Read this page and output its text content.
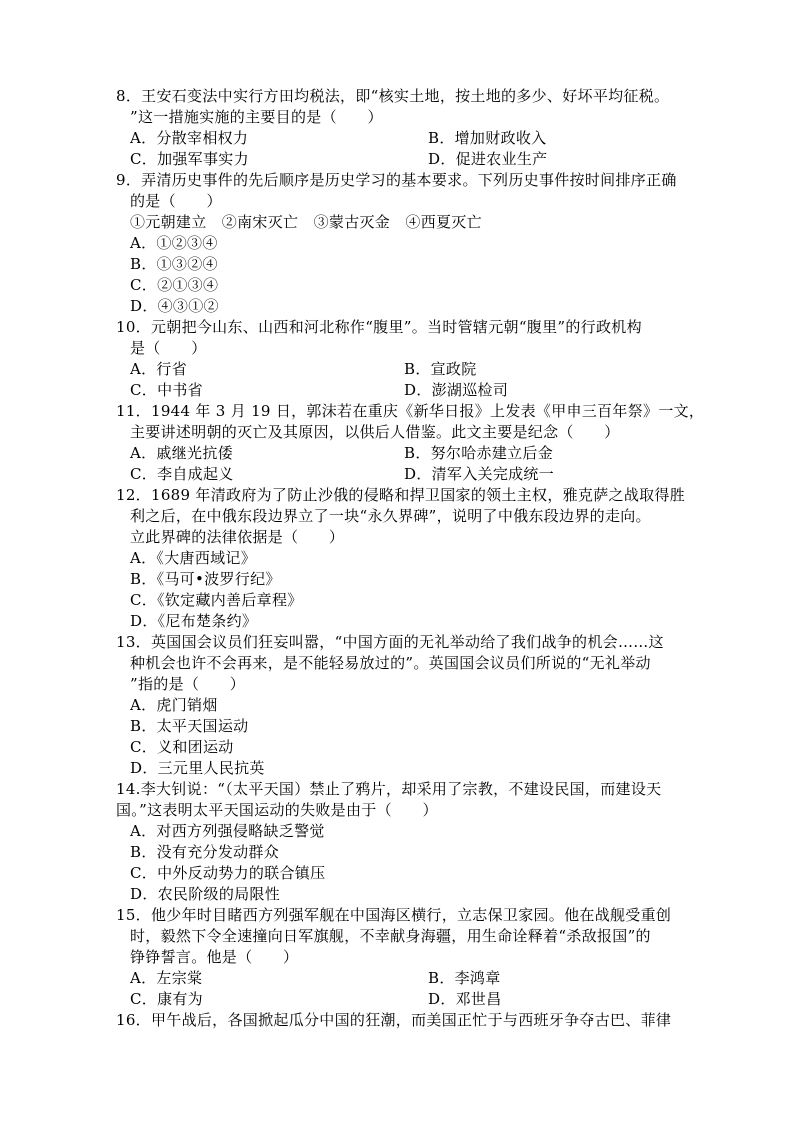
8．王安石变法中实行方田均税法，即“核实土地，按土地的多少、好坏平均征税。
”这一措施实施的主要目的是（　　）
A．分散宰相权力	B．增加财政收入
C．加强军事实力	D．促进农业生产
9．弄清历史事件的先后顺序是历史学习的基本要求。下列历史事件按时间排序正确
的是（　　）
①元朝建立　②南宋灭亡　③蒙古灭金　④西夏灭亡
A．①②③④
B．①③②④
C．②①③④
D．④③①②
10．元朝把今山东、山西和河北称作“腹里”。当时管辖元朝“腹里”的行政机构
是（　　）
A．行省	B．宣政院
C．中书省	D．澎湖巡检司
11．1944 年 3 月 19 日，郭沫若在重庆《新华日报》上发表《甲申三百年祭》一文，
主要讲述明朝的灭亡及其原因，以供后人借鉴。此文主要是纪念（　　）
A．戚继光抗倭	B．努尔哈赤建立后金
C．李自成起义	D．清军入关完成统一
12．1689 年清政府为了防止沙俄的侵略和捍卫国家的领土主权，雅克萨之战取得胜
利之后，在中俄东段边界立了一块“永久界碑”，说明了中俄东段边界的走向。
立此界碑的法律依据是（　　）
A．《大唐西域记》
B．《马可•波罗行纪》
C．《钦定藏内善后章程》
D．《尼布楚条约》
13．英国国会议员们狂妄叫嚣，“中国方面的无礼举动给了我们战争的机会……这
种机会也许不会再来，是不能轻易放过的”。英国国会议员们所说的“无礼举动
”指的是（　　）
A．虎门销烟
B．太平天国运动
C．义和团运动
D．三元里人民抗英
14.李大钊说：“（太平天国）禁止了鸦片，却采用了宗教，不建设民国，而建设天
国。”这表明太平天国运动的失败是由于（　　）
A．对西方列强侵略缺乏警觉
B．没有充分发动群众
C．中外反动势力的联合镇压
D．农民阶级的局限性
15．他少年时目睹西方列强军舰在中国海区横行，立志保卫家园。他在战舰受重创
时，毅然下令全速撞向日军旗舰，不幸献身海疆，用生命诠释着“杀敌报国”的
铮铮誓言。他是（　　）
A．左宗棠	B．李鸿章
C．康有为	D．邓世昌
16．甲午战后，各国掀起瓜分中国的狂潮，而美国正忙于与西班牙争夺古巴、菲律
